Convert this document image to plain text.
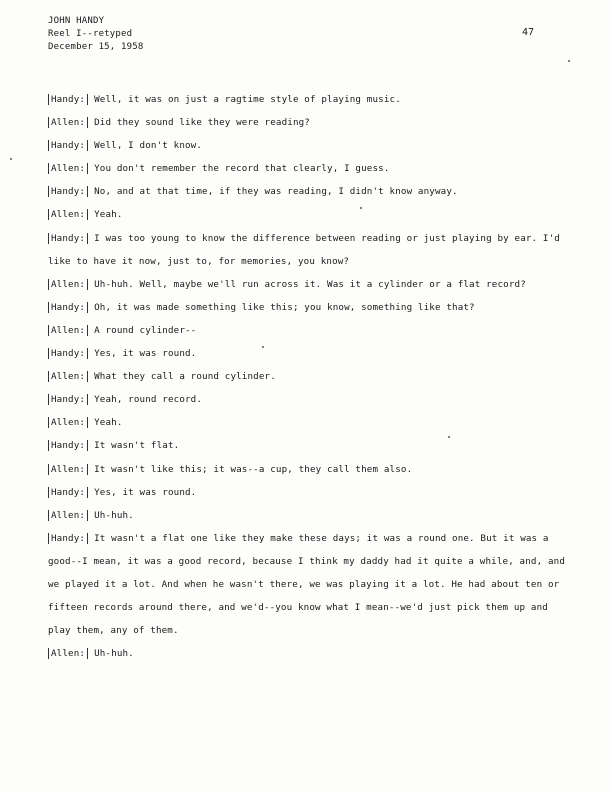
JOHN HANDY
Reel I--retyped
December 15, 1958
47
Handy: Well, it was on just a ragtime style of playing music.
Allen: Did they sound like they were reading?
Handy: Well, I don't know.
Allen: You don't remember the record that clearly, I guess.
Handy: No, and at that time, if they was reading, I didn't know anyway.
Allen: Yeah.
Handy: I was too young to know the difference between reading or just playing by ear. I'd like to have it now, just to, for memories, you know?
Allen: Uh-huh. Well, maybe we'll run across it. Was it a cylinder or a flat record?
Handy: Oh, it was made something like this; you know, something like that?
Allen: A round cylinder--
Handy: Yes, it was round.
Allen: What they call a round cylinder.
Handy: Yeah, round record.
Allen: Yeah.
Handy: It wasn't flat.
Allen: It wasn't like this; it was--a cup, they call them also.
Handy: Yes, it was round.
Allen: Uh-huh.
Handy: It wasn't a flat one like they make these days; it was a round one. But it was a good--I mean, it was a good record, because I think my daddy had it quite a while, and, and we played it a lot. And when he wasn't there, we was playing it a lot. He had about ten or fifteen records around there, and we'd--you know what I mean--we'd just pick them up and play them, any of them.
Allen: Uh-huh.
